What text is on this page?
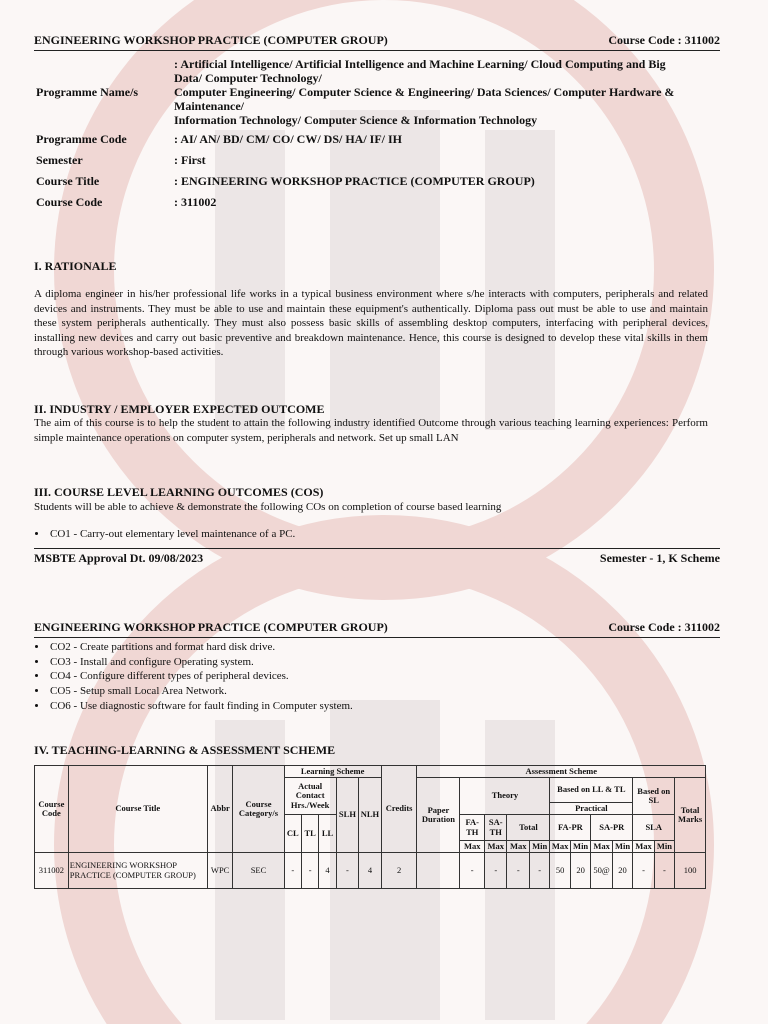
ENGINEERING WORKSHOP PRACTICE (COMPUTER GROUP)	Course Code : 311002
Programme Name/s	: Artificial Intelligence/ Artificial Intelligence and Machine Learning/ Cloud Computing and Big
Data/ Computer Technology/
Computer Engineering/ Computer Science & Engineering/ Data Sciences/ Computer Hardware &
Maintenance/
Information Technology/ Computer Science & Information Technology

Programme Code	: AI/ AN/ BD/ CM/ CO/ CW/ DS/ HA/ IF/ IH
Semester	: First
Course Title	: ENGINEERING WORKSHOP PRACTICE (COMPUTER GROUP)
Course Code	: 311002
I. RATIONALE
A diploma engineer in his/her professional life works in a typical business environment where s/he interacts with computers, peripherals and related devices and instruments. They must be able to use and maintain these equipment's authentically. Diploma pass out must be able to use and maintain these system peripherals authentically. They must also possess basic skills of assembling desktop computers, interfacing with peripheral devices, installing new devices and carry out basic preventive and breakdown maintenance. Hence, this course is designed to develop these vital skills in them through various workshop-based activities.
II. INDUSTRY / EMPLOYER EXPECTED OUTCOME
The aim of this course is to help the student to attain the following industry identified Outcome through various teaching learning experiences: Perform simple maintenance operations on computer system, peripherals and network. Set up small LAN
III. COURSE LEVEL LEARNING OUTCOMES (COS)
Students will be able to achieve & demonstrate the following COs on completion of course based learning
• CO1 - Carry-out elementary level maintenance of a PC.
MSBTE Approval Dt. 09/08/2023	Semester - 1, K Scheme
ENGINEERING WORKSHOP PRACTICE (COMPUTER GROUP)	Course Code : 311002
• CO2 - Create partitions and format hard disk drive.
• CO3 - Install and configure Operating system.
• CO4 - Configure different types of peripheral devices.
• CO5 - Setup small Local Area Network.
• CO6 - Use diagnostic software for fault finding in Computer system.
IV. TEACHING-LEARNING & ASSESSMENT SCHEME
Course Code	Course Title	Abbr	Course Category/s	Learning Scheme					Credits	Assessment Scheme											
				Actual Contact Hrs./Week			SLH	NLH		Paper Duration	Theory				Based on LL & TL				Based on SL		Total Marks
															Practical						
				CL	TL	LL					FA-TH	SA-TH	Total		FA-PR		SA-PR		SLA		
											Max	Max	Max	Min	Max	Min	Max	Min	Max	Min	
311002	ENGINEERING WORKSHOP PRACTICE (COMPUTER GROUP)	WPC	SEC	-	-	4	-	4	2		-	-	-	-	50	20	50@	20	-	-	100
